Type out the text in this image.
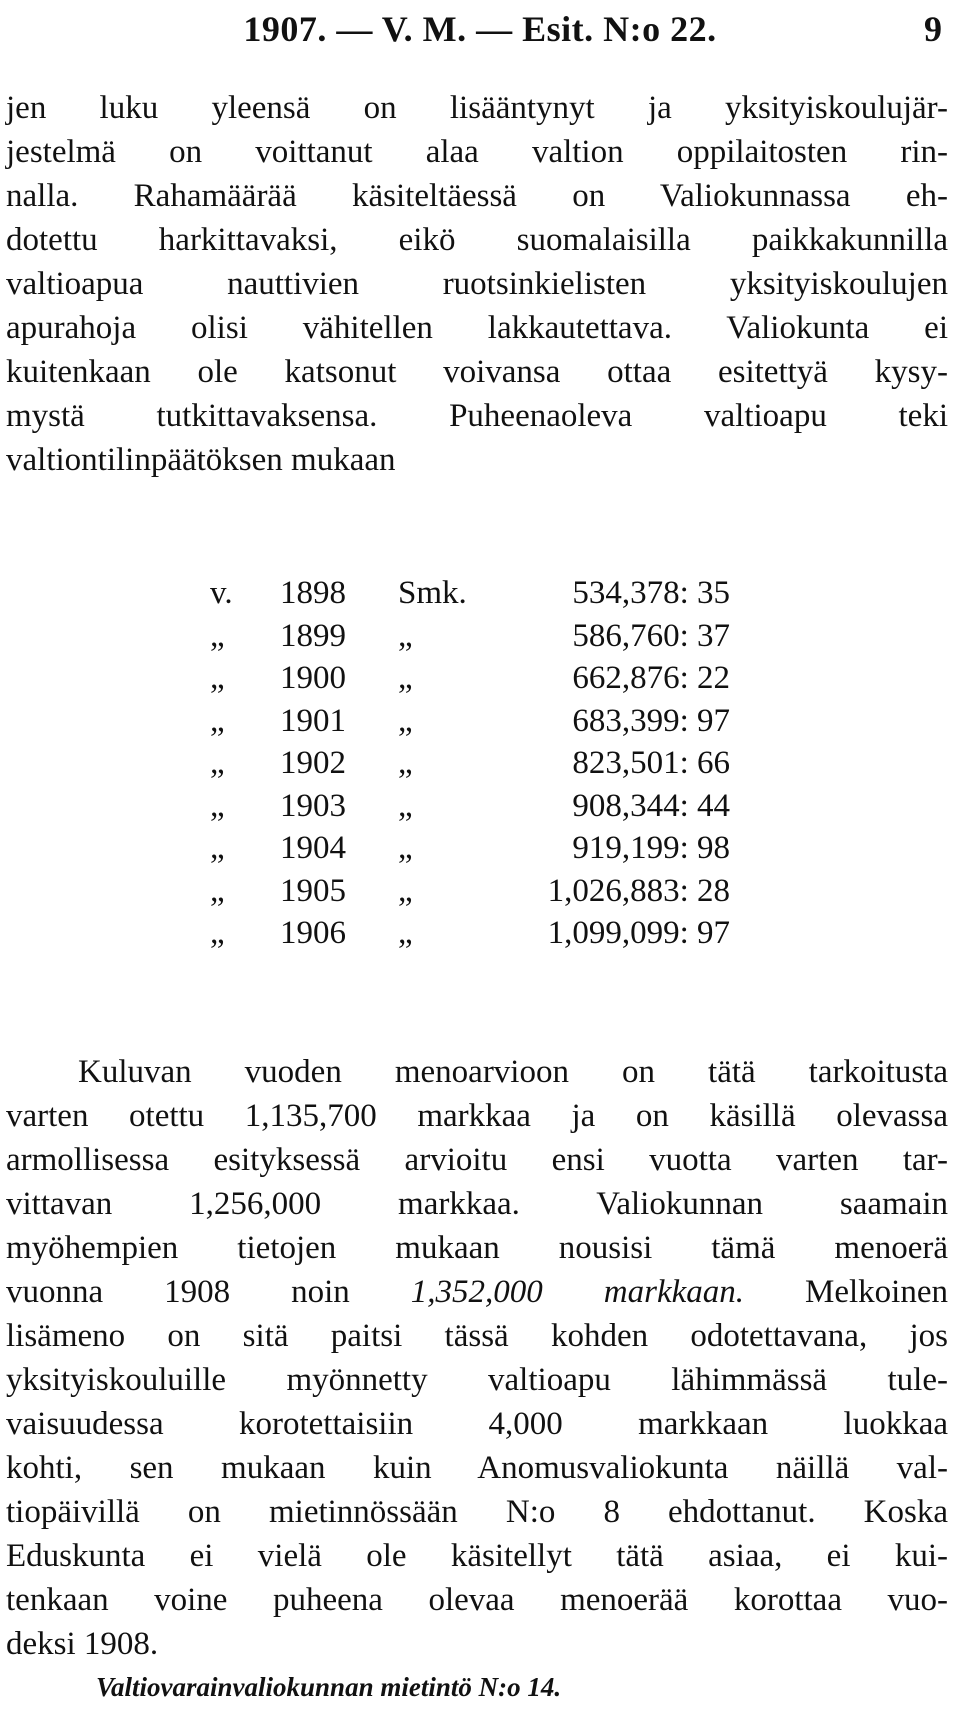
1907. — V. M. — Esit. N:o 22.	9
jen luku yleensä on lisääntynyt ja yksityiskoulujär-
jestelmä on voittanut alaa valtion oppilaitosten rin-
nalla. Rahamäärää käsiteltäessä on Valiokunnassa eh-
dotettu harkittavaksi, eikö suomalaisilla paikkakunnilla
valtioapua nauttivien ruotsinkielisten yksityiskoulujen
apurahoja olisi vähitellen lakkautettava. Valiokunta ei
kuitenkaan ole katsonut voivansa ottaa esitettyä kysy-
mystä tutkittavaksensa. Puheenaoleva valtioapu teki
valtiontilinpäätöksen mukaan
v.	1898	Smk.	534,378: 35
„	1899	„	586,760: 37
„	1900	„	662,876: 22
„	1901	„	683,399: 97
„	1902	„	823,501: 66
„	1903	„	908,344: 44
„	1904	„	919,199: 98
„	1905	„	1,026,883: 28
„	1906	„	1,099,099: 97
Kuluvan vuoden menoarvioon on tätä tarkoitusta
varten otettu 1,135,700 markkaa ja on käsillä olevassa
armollisessa esityksessä arvioitu ensi vuotta varten tar-
vittavan 1,256,000 markkaa. Valiokunnan saamain
myöhempien tietojen mukaan nousisi tämä menoerä
vuonna 1908 noin 1,352,000 markkaan. Melkoinen
lisämeno on sitä paitsi tässä kohden odotettavana, jos
yksityiskouluille myönnetty valtioapu lähimmässä tule-
vaisuudessa korotettaisiin 4,000 markkaan luokkaa
kohti, sen mukaan kuin Anomusvaliokunta näillä val-
tiopäivillä on mietinnössään N:o 8 ehdottanut. Koska
Eduskunta ei vielä ole käsitellyt tätä asiaa, ei kui-
tenkaan voine puheena olevaa menoerää korottaa vuo-
deksi 1908.
Valtiovarainvaliokunnan mietintö N:o 14.
